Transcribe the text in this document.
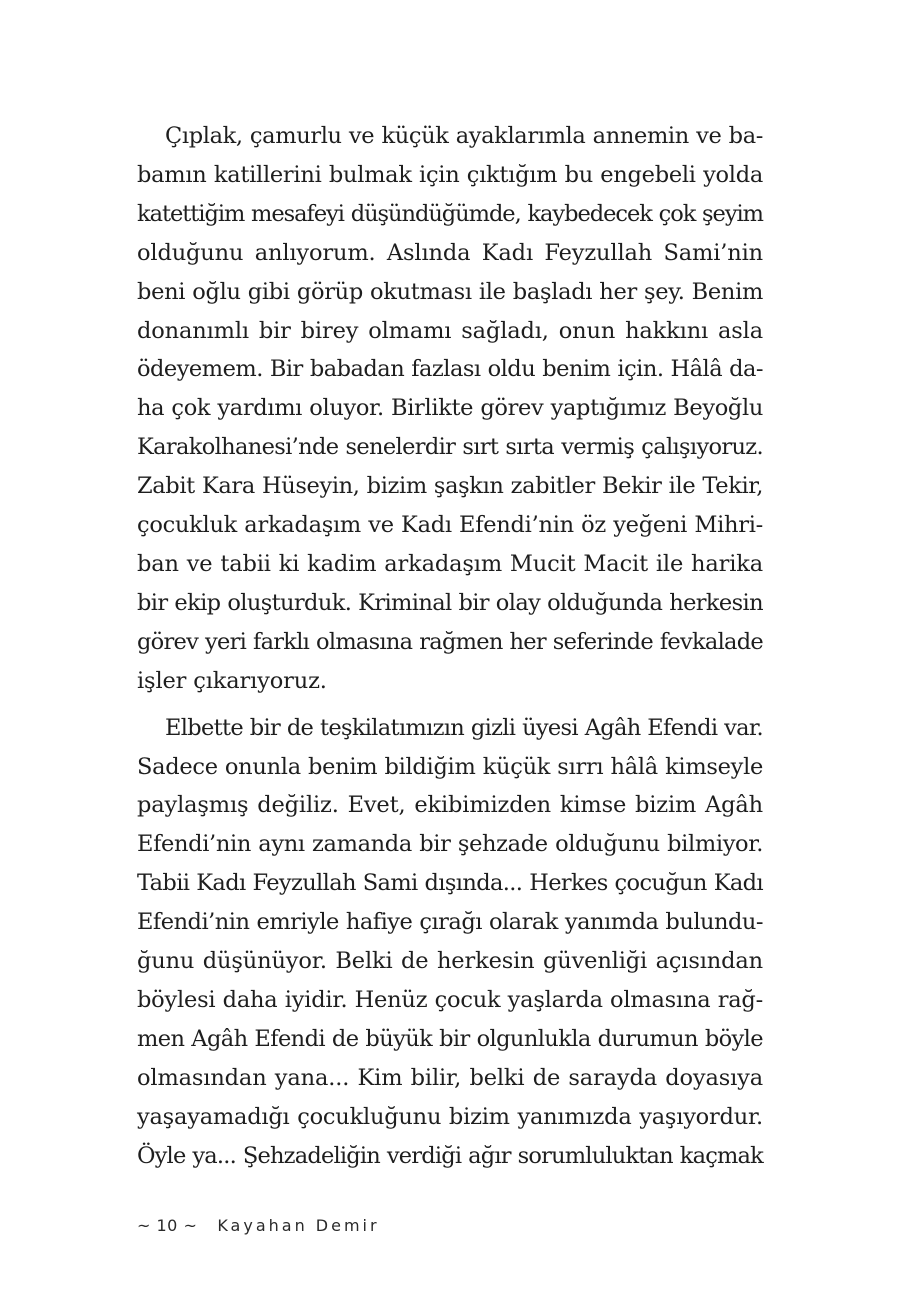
Çıplak, çamurlu ve küçük ayaklarımla annemin ve ba-
bamın katillerini bulmak için çıktığım bu engebeli yolda
katettiğim mesafeyi düşündüğümde, kaybedecek çok şeyim
olduğunu anlıyorum. Aslında Kadı Feyzullah Sami’nin
beni oğlu gibi görüp okutması ile başladı her şey. Benim
donanımlı bir birey olmamı sağladı, onun hakkını asla
ödeyemem. Bir babadan fazlası oldu benim için. Hâlâ da-
ha çok yardımı oluyor. Birlikte görev yaptığımız Beyoğlu
Karakolhanesi’nde senelerdir sırt sırta vermiş çalışıyoruz.
Zabit Kara Hüseyin, bizim şaşkın zabitler Bekir ile Tekir,
çocukluk arkadaşım ve Kadı Efendi’nin öz yeğeni Mihri-
ban ve tabii ki kadim arkadaşım Mucit Macit ile harika
bir ekip oluşturduk. Kriminal bir olay olduğunda herkesin
görev yeri farklı olmasına rağmen her seferinde fevkalade
işler çıkarıyoruz.

Elbette bir de teşkilatımızın gizli üyesi Agâh Efendi var.
Sadece onunla benim bildiğim küçük sırrı hâlâ kimseyle
paylaşmış değiliz. Evet, ekibimizden kimse bizim Agâh
Efendi’nin aynı zamanda bir şehzade olduğunu bilmiyor.
Tabii Kadı Feyzullah Sami dışında... Herkes çocuğun Kadı
Efendi’nin emriyle hafiye çırağı olarak yanımda bulundu-
ğunu düşünüyor. Belki de herkesin güvenliği açısından
böylesi daha iyidir. Henüz çocuk yaşlarda olmasına rağ-
men Agâh Efendi de büyük bir olgunlukla durumun böyle
olmasından yana... Kim bilir, belki de sarayda doyasıya
yaşayamadığı çocukluğunu bizim yanımızda yaşıyordur.
Öyle ya... Şehzadeliğin verdiği ağır sorumluluktan kaçmak

~ 10 ~ Kayahan Demir
